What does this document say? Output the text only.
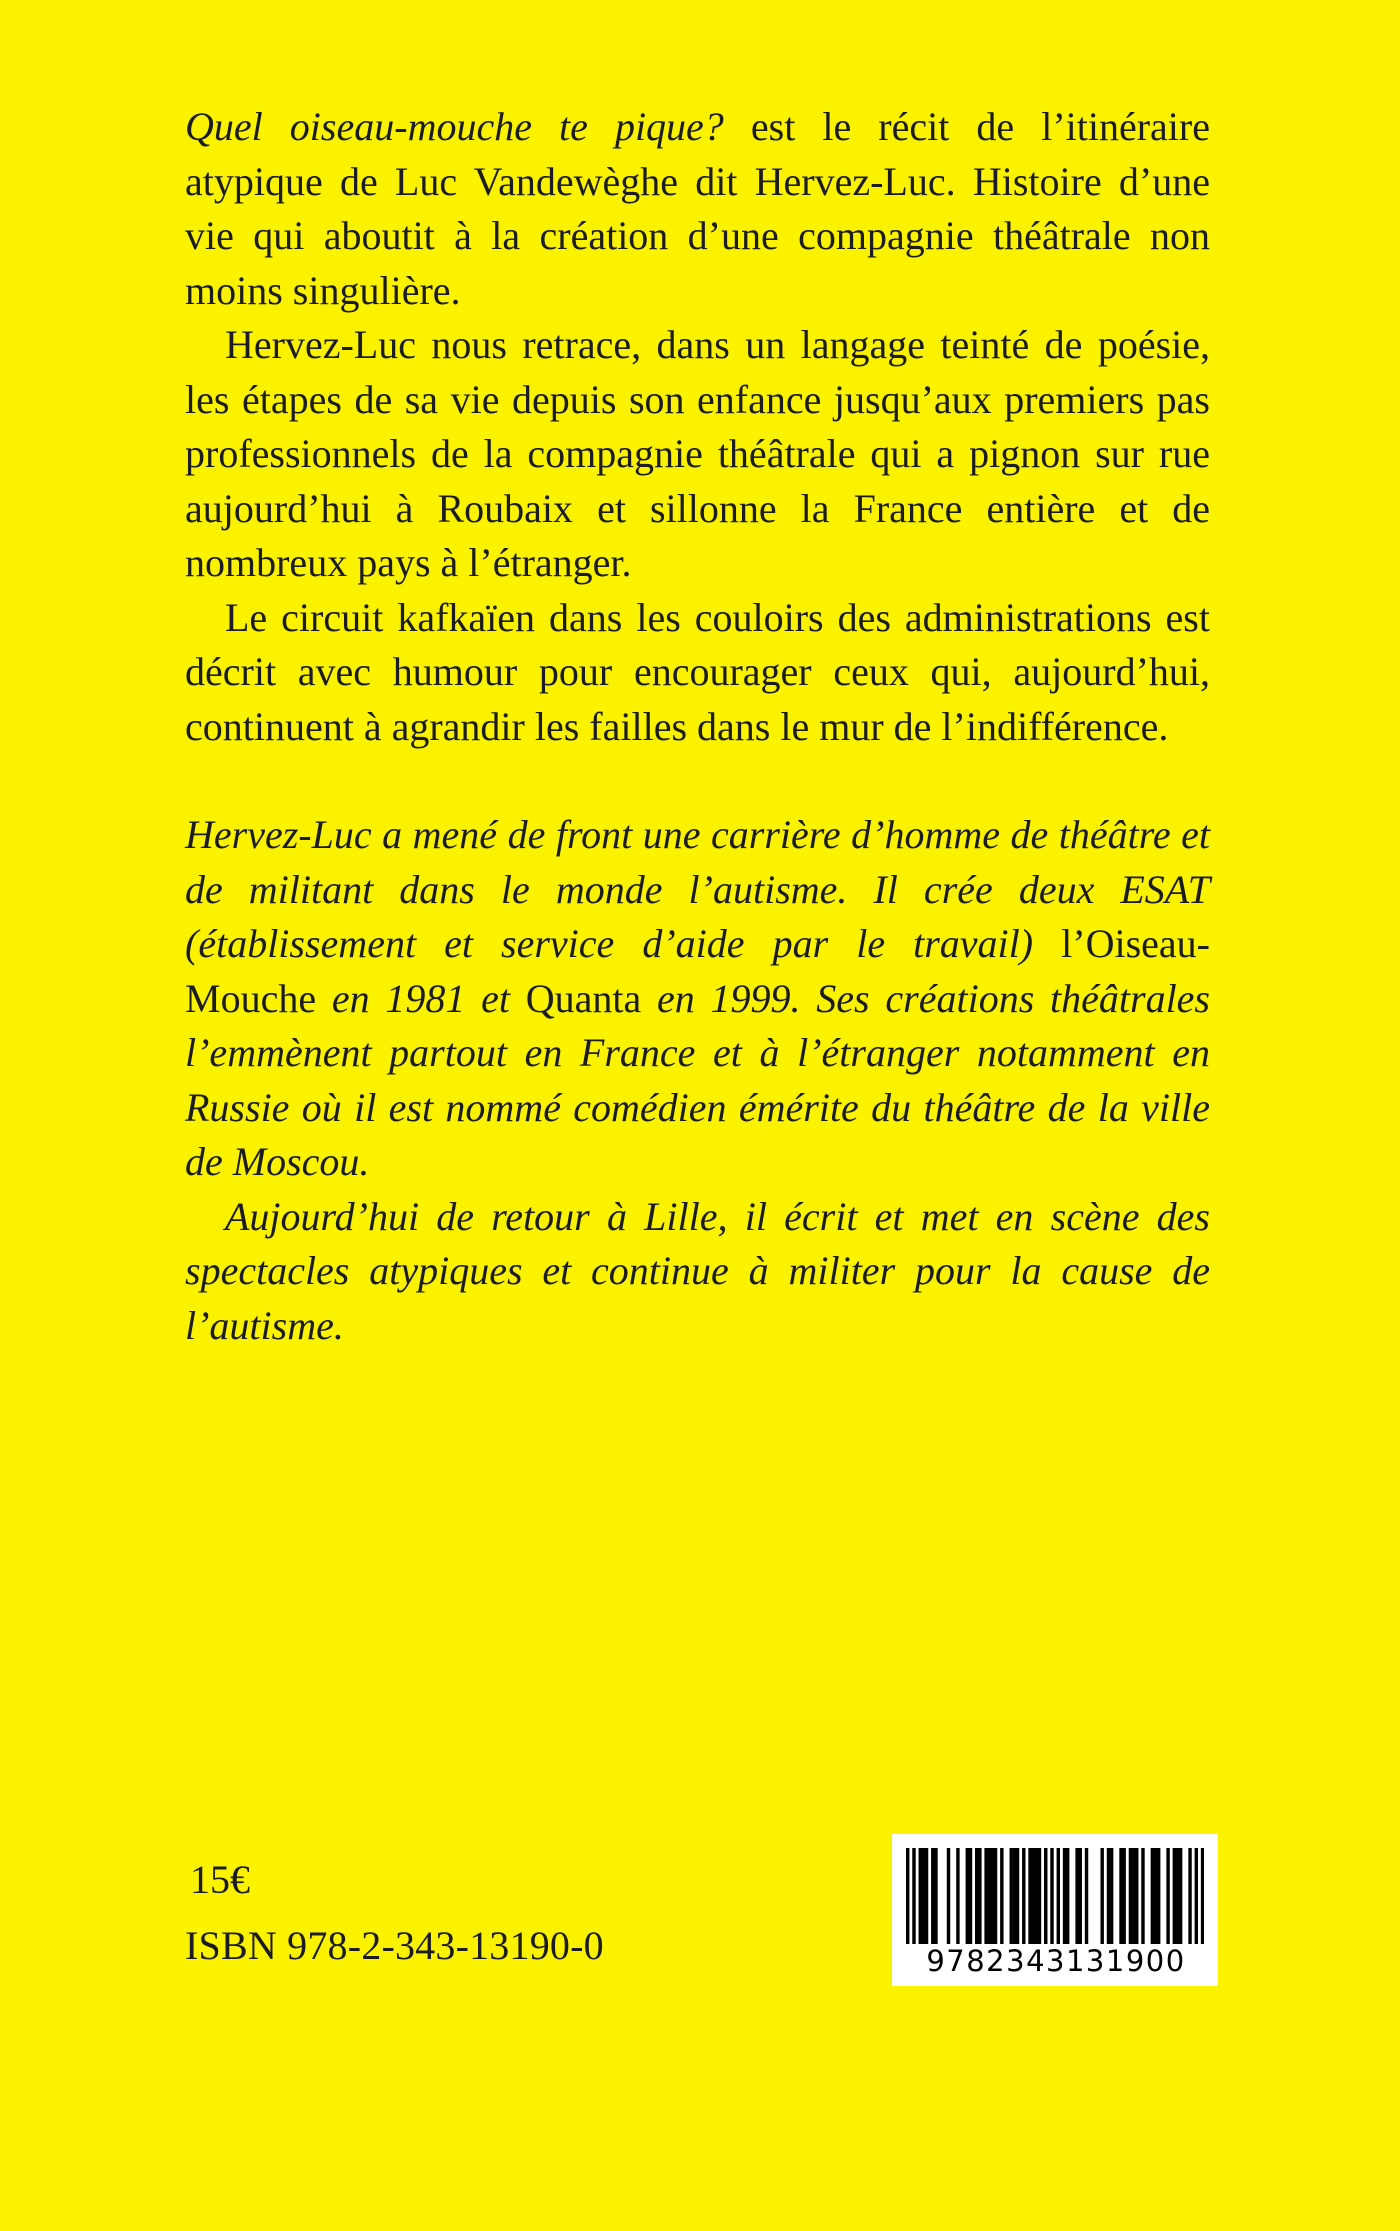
Quel oiseau-mouche te pique? est le récit de l’itinéraire atypique de Luc Vandewèghe dit Hervez-Luc. Histoire d’une vie qui aboutit à la création d’une compagnie théâtrale non moins singulière.

Hervez-Luc nous retrace, dans un langage teinté de poésie, les étapes de sa vie depuis son enfance jusqu’aux premiers pas professionnels de la compagnie théâtrale qui a pignon sur rue aujourd’hui à Roubaix et sillonne la France entière et de nombreux pays à l’étranger.

Le circuit kafkaïen dans les couloirs des administrations est décrit avec humour pour encourager ceux qui, aujourd’hui, continuent à agrandir les failles dans le mur de l’indifférence.

Hervez-Luc a mené de front une carrière d’homme de théâtre et de militant dans le monde l’autisme. Il crée deux ESAT (établissement et service d’aide par le travail) l’Oiseau-Mouche en 1981 et Quanta en 1999. Ses créations théâtrales l’emmènent partout en France et à l’étranger notamment en Russie où il est nommé comédien émérite du théâtre de la ville de Moscou.

Aujourd’hui de retour à Lille, il écrit et met en scène des spectacles atypiques et continue à militer pour la cause de l’autisme.

15€
ISBN 978-2-343-13190-0	9782343131900
